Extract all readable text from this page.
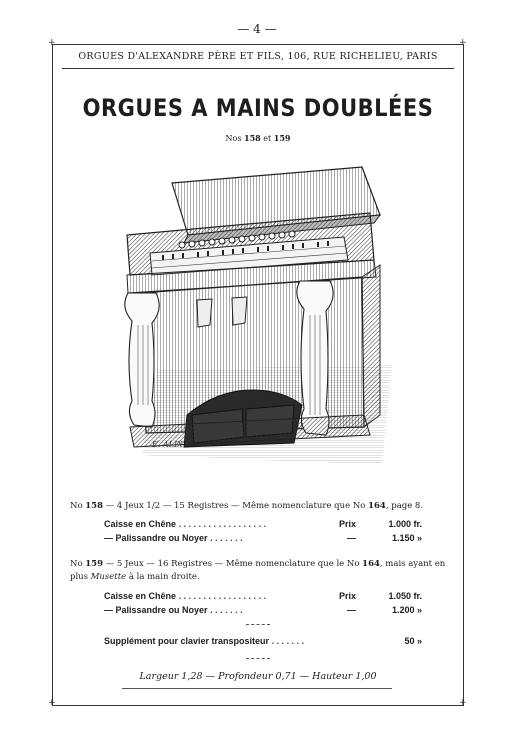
— 4 —
+	+
+	+
ORGUES D'ALEXANDRE PÈRE ET FILS, 106, RUE RICHELIEU, PARIS
ORGUES A MAINS DOUBLÉES
Nos 158 et 159
E. ALIX
No 158 — 4 Jeux 1/2 — 15 Registres — Même nomenclature que No 164, page 8.
Caisse en Chêne . . . . . . . . . . . . . . . . . .	Prix	1.000 fr.
— Palissandre ou Noyer . . . . . . .	—	1.150 »
No 159 — 5 Jeux — 16 Registres — Même nomenclature que le No 164, mais ayant en plus Musette à la main droite.
Caisse en Chêne . . . . . . . . . . . . . . . . . .	Prix	1.050 fr.
— Palissandre ou Noyer . . . . . . .	—	1.200 »
Supplément pour clavier transpositeur . . . . . . .	50 »
Largeur 1,28 — Profondeur 0,71 — Hauteur 1,00
